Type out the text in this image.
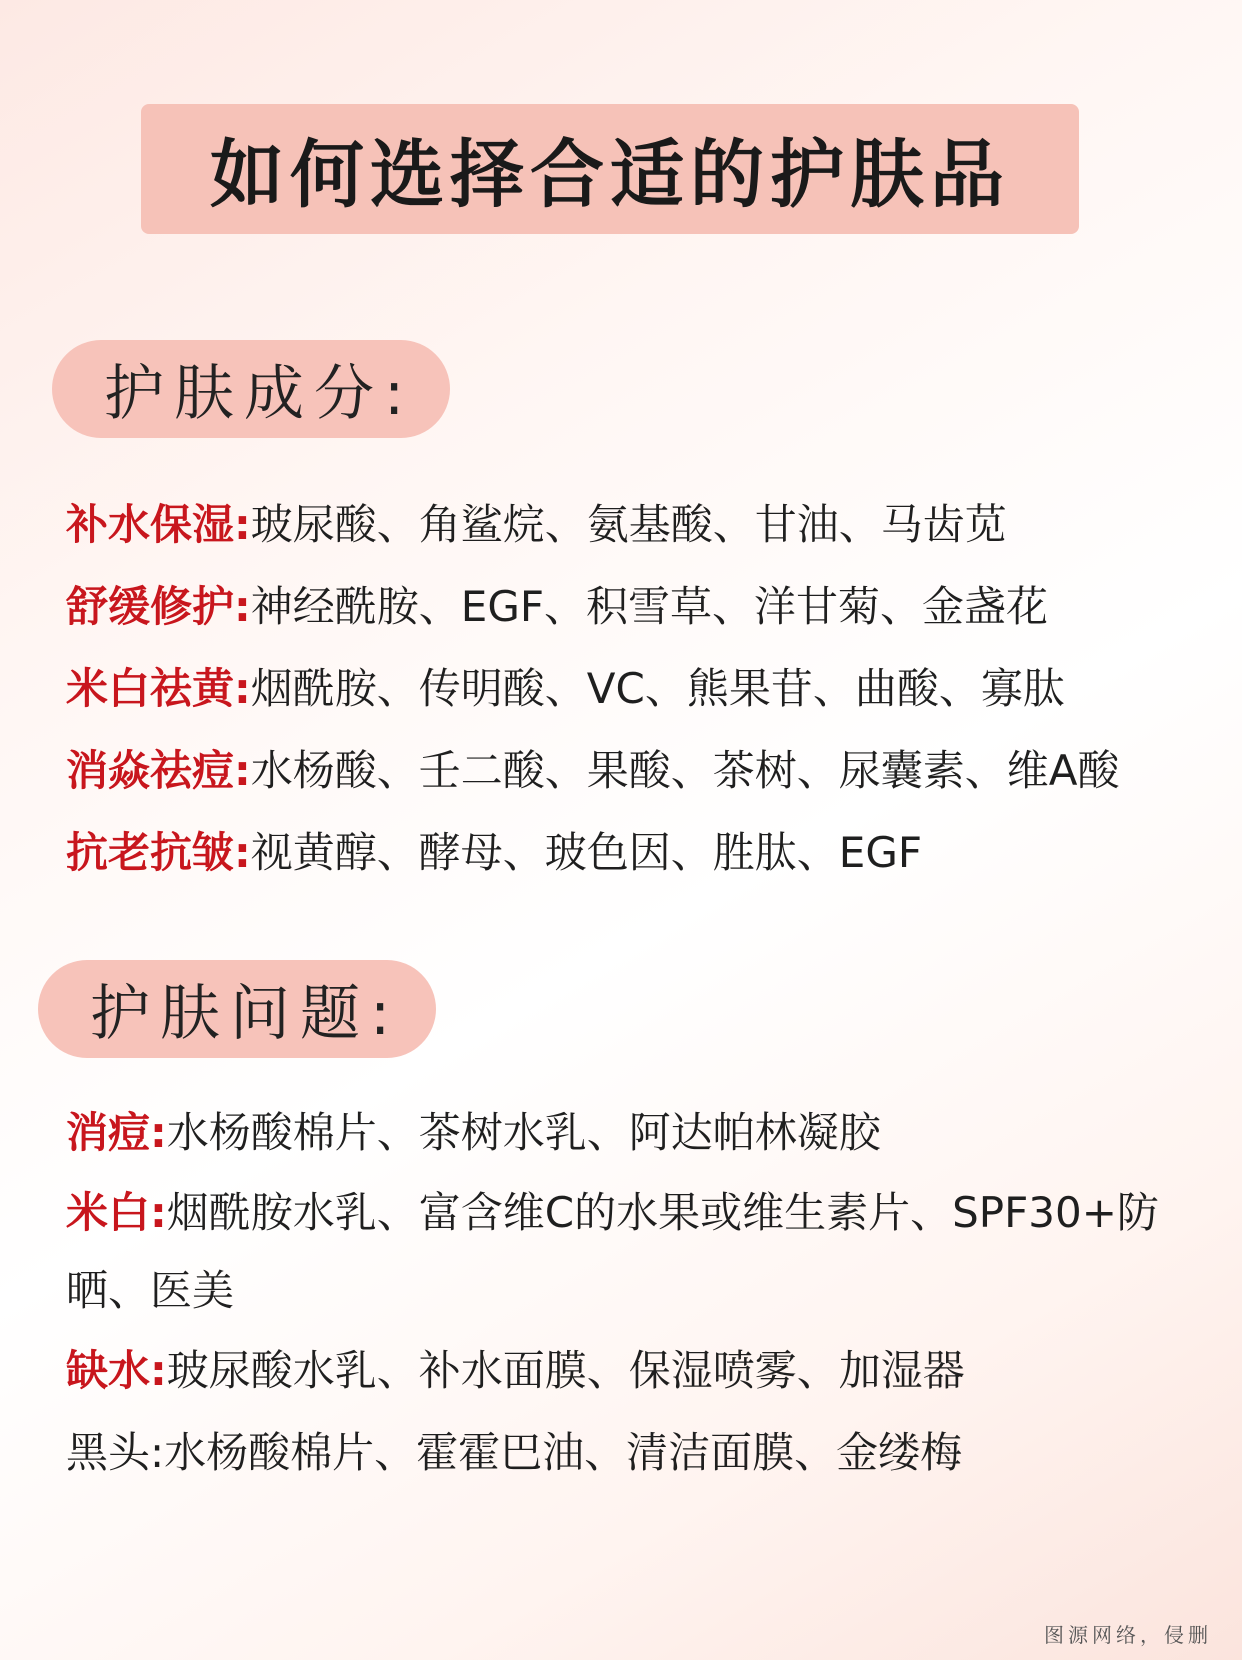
如何选择合适的护肤品
护肤成分:
补水保湿:玻尿酸、角鲨烷、氨基酸、甘油、马齿苋
舒缓修护:神经酰胺、EGF、积雪草、洋甘菊、金盏花
米白祛黄:烟酰胺、传明酸、VC、熊果苷、曲酸、寡肽
消焱祛痘:水杨酸、壬二酸、果酸、茶树、尿囊素、维A酸
抗老抗皱:视黄醇、酵母、玻色因、胜肽、EGF
护肤问题:
消痘:水杨酸棉片、茶树水乳、阿达帕林凝胶
米白:烟酰胺水乳、富含维C的水果或维生素片、SPF30+防晒、医美
缺水:玻尿酸水乳、补水面膜、保湿喷雾、加湿器
黑头:水杨酸棉片、霍霍巴油、清洁面膜、金缕梅
图源网络，侵删
